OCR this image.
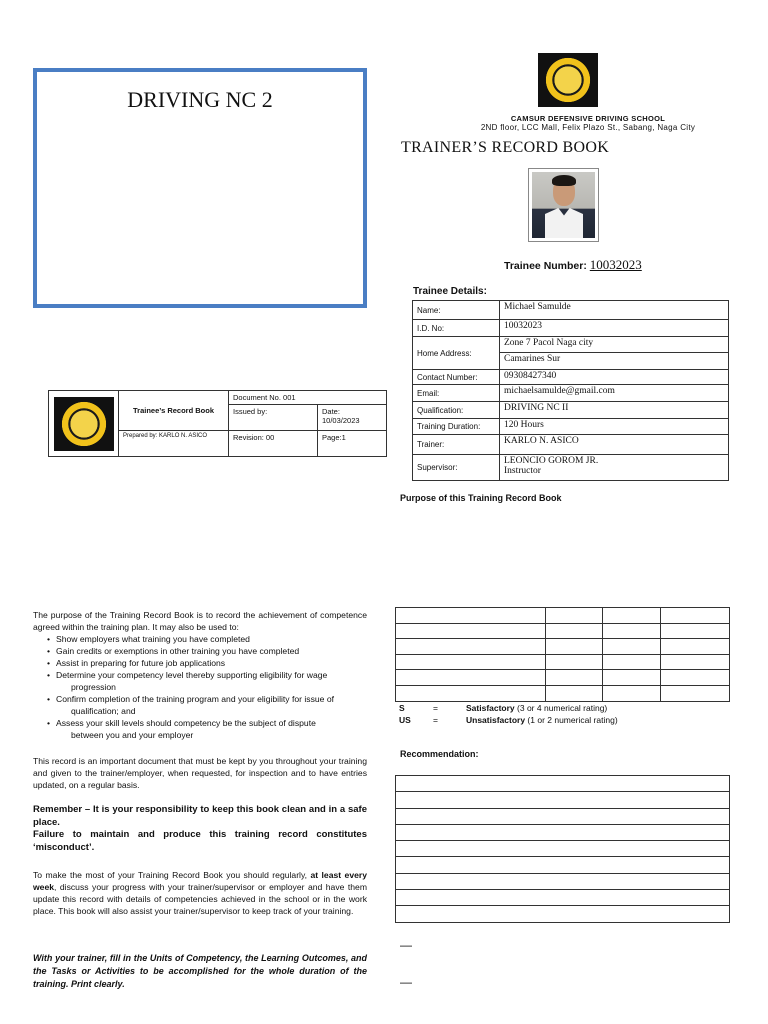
DRIVING NC 2
CAMSUR DEFENSIVE DRIVING SCHOOL
2ND floor, LCC Mall, Felix Plazo St., Sabang, Naga City
TRAINER’S RECORD BOOK
Trainee Number: 10032023
Trainee Details:
Name:	Michael Samulde
I.D. No:	10032023
Home Address:	Zone 7 Pacol Naga city
	Camarines Sur
Contact Number:	09308427340
Email:	michaelsamulde@gmail.com
Qualification:	DRIVING NC II
Training Duration:	120 Hours
Trainer:	KARLO N. ASICO
Supervisor:	LEONCIO GOROM JR.
Instructor
	Trainee’s Record Book	Document No. 001	
		Issued by:	Date:
10/03/2023
	Prepared by: KARLO N. ASICO	Revision: 00	Page:1
Purpose of this Training Record Book

The purpose of the Training Record Book is to record the achievement of competence agreed within the training plan. It may also be used to:

• Show employers what training you have completed
• Gain credits or exemptions in other training you have completed
• Assist in preparing for future job applications
• Determine your competency level thereby supporting eligibility for wage
progression
• Confirm completion of the training program and your eligibility for issue of
qualification; and
• Assess your skill levels should competency be the subject of dispute
between you and your employer
This record is an important document that must be kept by you throughout your training and given to the trainer/employer, when requested, for inspection and to have entries updated, on a regular basis.
Remember – It is your responsibility to keep this book clean and in a safe place.
Failure to maintain and produce this training record constitutes ‘misconduct’.
To make the most of your Training Record Book you should regularly, at least every week, discuss your progress with your trainer/supervisor or employer and have them update this record with details of competencies achieved in the school or in the work place. This book will also assist your trainer/supervisor to keep track of your training.
With your trainer, fill in the Units of Competency, the Learning Outcomes, and the Tasks or Activities to be accomplished for the whole duration of the training. Print clearly.

S	=	Satisfactory (3 or 4 numerical rating)
US	=	Unsatisfactory (1 or 2 numerical rating)
Recommendation:

—
—
